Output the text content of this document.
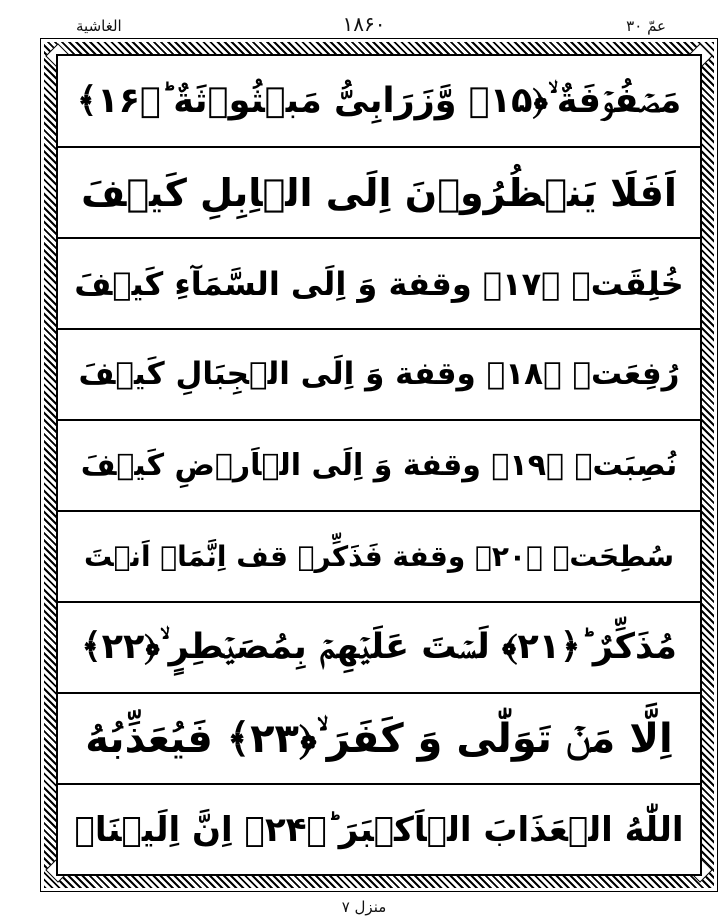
الغاشية	۱۸۶۰	عمّ ۳۰
مَصۡفُوۡفَةٌ ۙ﴿۱۵﴾ وَّزَرَابِیُّ مَبۡثُوۡثَةٌ ؕ﴿۱۶﴾
اَفَلَا یَنۡظُرُوۡنَ اِلَی الۡاِبِلِ کَیۡفَ
خُلِقَتۡ ﴿۱۷﴾ وقفة وَ اِلَی السَّمَآءِ کَیۡفَ
رُفِعَتۡ ﴿۱۸﴾ وقفة وَ اِلَی الۡجِبَالِ کَیۡفَ
نُصِبَتۡ ﴿۱۹﴾ وقفة وَ اِلَی الۡاَرۡضِ کَیۡفَ
سُطِحَتۡ ﴿۲۰﴾ وقفة فَذَکِّرۡ قف اِنَّمَاۤ اَنۡتَ
مُذَکِّرٌ ؕ﴿۲۱﴾ لَسۡتَ عَلَیۡهِمۡ بِمُصَیۡطِرٍ ۙ﴿۲۲﴾
اِلَّا مَنۡ تَوَلّٰی وَ کَفَرَ ۙ﴿۲۳﴾ فَیُعَذِّبُهُ
اللّٰهُ الۡعَذَابَ الۡاَکۡبَرَ ؕ﴿۲۴﴾ اِنَّ اِلَیۡنَاۤ
منزل ۷
